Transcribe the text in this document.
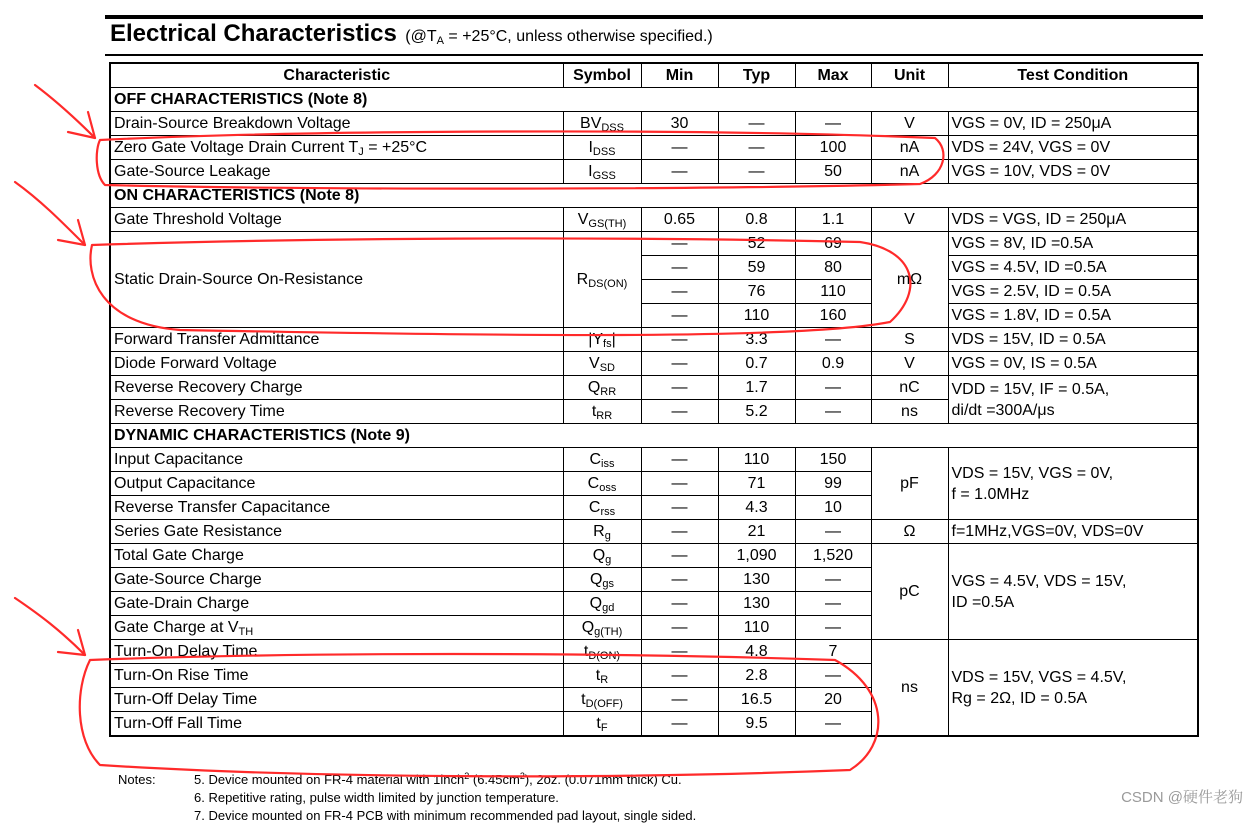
Electrical Characteristics ($@T_A = +25^\circ C$, unless otherwise specified.)
Characteristic	Symbol	Min	Typ	Max	Unit	Test Condition
OFF CHARACTERISTICS (Note 8)						
Drain-Source Breakdown Voltage	$BV_{DSS}$	30	—	—	V	VGS = 0V, ID = 250μA
Zero Gate Voltage Drain Current $T_J = +25^\circ C$	$I_{DSS}$	—	—	100	nA	VDS = 24V, VGS = 0V
Gate-Source Leakage	$I_{GSS}$	—	—	50	nA	VGS = 10V, VDS = 0V
ON CHARACTERISTICS (Note 8)						
Gate Threshold Voltage	$V_{GS(TH)}$	0.65	0.8	1.1	V	VDS = VGS, ID = 250μA
Static Drain-Source On-Resistance	$R_{DS(ON)}$	—	52	69	mΩ	VGS = 8V, ID =0.5A
		—	59	80		VGS = 4.5V, ID =0.5A
		—	76	110		VGS = 2.5V, ID = 0.5A
		—	110	160		VGS = 1.8V, ID = 0.5A
Forward Transfer Admittance	$|Y_{fs}|$	—	3.3	—	S	VDS = 15V, ID = 0.5A
Diode Forward Voltage	$V_{SD}$	—	0.7	0.9	V	VGS = 0V, IS = 0.5A
Reverse Recovery Charge	$Q_{RR}$	—	1.7	—	nC	VDD = 15V, IF = 0.5A,
di/dt =300A/μs

Reverse Recovery Time	$t_{RR}$	—	5.2	—	ns	
DYNAMIC CHARACTERISTICS (Note 9)						
Input Capacitance	$C_{iss}$	—	110	150	pF	VDS = 15V, VGS = 0V,
f = 1.0MHz

Output Capacitance	$C_{oss}$	—	71	99		
Reverse Transfer Capacitance	$C_{rss}$	—	4.3	10		
Series Gate Resistance	$R_g$	—	21	—	Ω	f=1MHz,VGS=0V, VDS=0V
Total Gate Charge	$Q_g$	—	1,090	1,520	pC	VGS = 4.5V, VDS = 15V,
ID =0.5A

Gate-Source Charge	$Q_{gs}$	—	130	—		
Gate-Drain Charge	$Q_{gd}$	—	130	—		
Gate Charge at $V_{TH}$	$Q_{g(TH)}$	—	110	—		
Turn-On Delay Time	$t_{D(ON)}$	—	4.8	7	ns	VDS = 15V, VGS = 4.5V,
Rg = 2Ω, ID = 0.5A

Turn-On Rise Time	$t_R$	—	2.8	—		
Turn-Off Delay Time	$t_{D(OFF)}$	—	16.5	20		
Turn-Off Fall Time	$t_F$	—	9.5	—		
Notes:	5. Device mounted on FR-4 material with 1inch$^2$ $(6.45cm^2)$, 2oz. (0.071mm thick) Cu.
6. Repetitive rating, pulse width limited by junction temperature.
7. Device mounted on FR-4 PCB with minimum recommended pad layout, single sided.
CSDN @硬件老狗
